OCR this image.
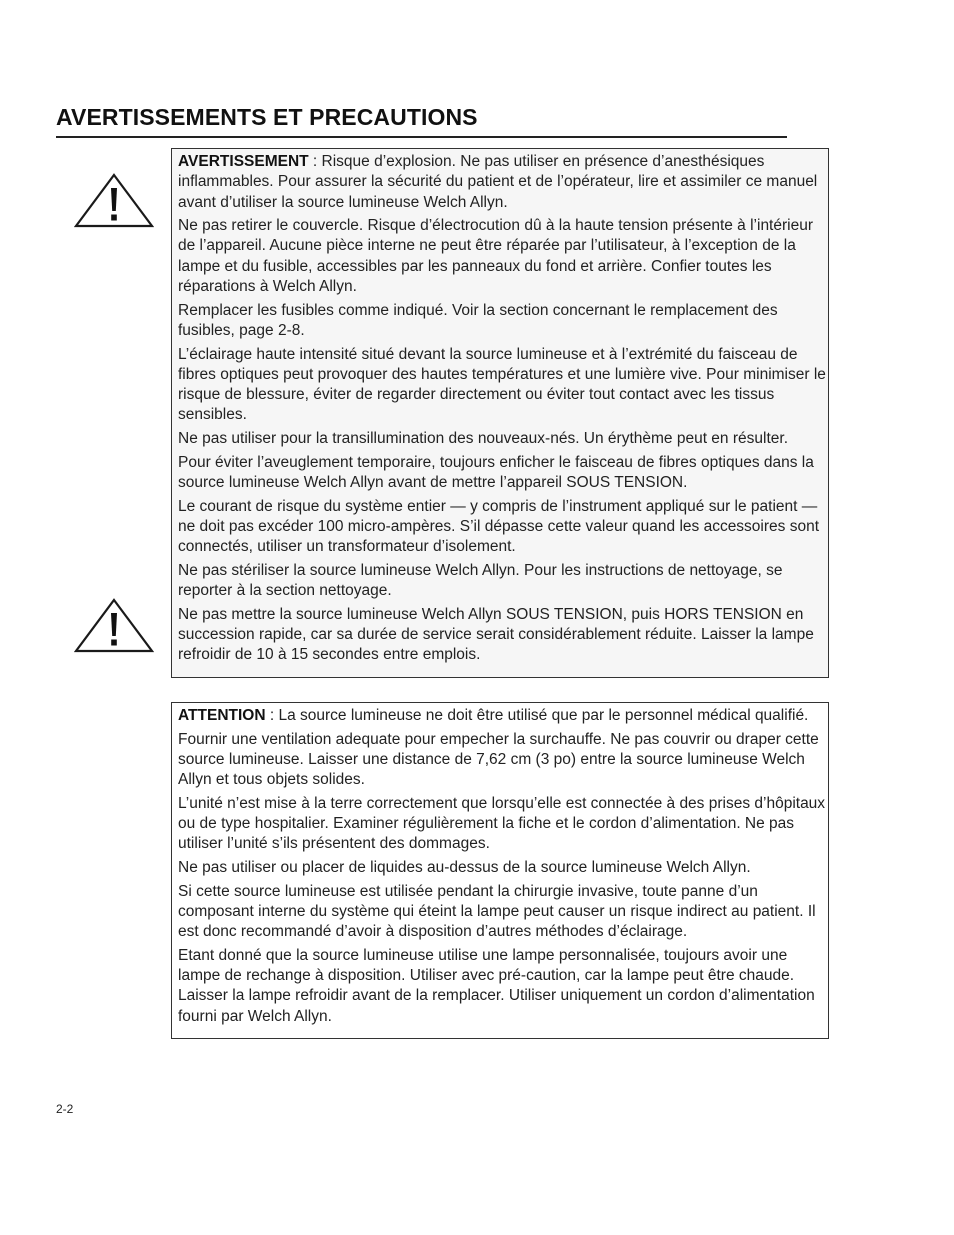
AVERTISSEMENTS ET PRECAUTIONS

AVERTISSEMENT : Risque d’explosion. Ne pas utiliser en présence d’anesthésiques inflammables. Pour assurer la sécurité du patient et de l’opérateur, lire et assimiler ce manuel avant d’utiliser la source lumineuse Welch Allyn.

Ne pas retirer le couvercle. Risque d’électrocution dû à la haute tension présente à l’intérieur de l’appareil. Aucune pièce interne ne peut être réparée par l’utilisateur, à l’exception de la lampe et du fusible, accessibles par les panneaux du fond et arrière. Confier toutes les réparations à Welch Allyn.

Remplacer les fusibles comme indiqué. Voir la section concernant le remplacement des fusibles, page 2-8.

L’éclairage haute intensité situé devant la source lumineuse et à l’extrémité du faisceau de fibres optiques peut provoquer des hautes températures et une lumière vive. Pour minimiser le risque de blessure, éviter de regarder directement ou éviter tout contact avec les tissus sensibles.

Ne pas utiliser pour la transillumination des nouveaux-nés. Un érythème peut en résulter.

Pour éviter l’aveuglement temporaire, toujours enficher le faisceau de fibres optiques dans la source lumineuse Welch Allyn avant de mettre l’appareil SOUS TENSION.

Le courant de risque du système entier — y compris de l’instrument appliqué sur le patient — ne doit pas excéder 100 micro-ampères. S’il dépasse cette valeur quand les accessoires sont connectés, utiliser un transformateur d’isolement.

Ne pas stériliser la source lumineuse Welch Allyn. Pour les instructions de nettoyage, se reporter à la section nettoyage.

Ne pas mettre la source lumineuse Welch Allyn SOUS TENSION, puis HORS TENSION en succession rapide, car sa durée de service serait considérablement réduite. Laisser la lampe refroidir de 10 à 15 secondes entre emplois.

ATTENTION : La source lumineuse ne doit être utilisé que par le personnel médical qualifié.

Fournir une ventilation adequate pour empecher la surchauffe. Ne pas couvrir ou draper cette source lumineuse. Laisser une distance de 7,62 cm (3 po) entre la source lumineuse Welch Allyn et tous objets solides.

L’unité n’est mise à la terre correctement que lorsqu’elle est connectée à des prises d’hôpitaux ou de type hospitalier. Examiner régulièrement la fiche et le cordon d’alimentation. Ne pas utiliser l’unité s’ils présentent des dommages.

Ne pas utiliser ou placer de liquides au-dessus de la source lumineuse Welch Allyn.

Si cette source lumineuse est utilisée pendant la chirurgie invasive, toute panne d’un composant interne du système qui éteint la lampe peut causer un risque indirect au patient. Il est donc recommandé d’avoir à disposition d’autres méthodes d’éclairage.

Etant donné que la source lumineuse utilise une lampe personnalisée, toujours avoir une lampe de rechange à disposition. Utiliser avec pré-caution, car la lampe peut être chaude. Laisser la lampe refroidir avant de la remplacer. Utiliser uniquement un cordon d’alimentation fourni par Welch Allyn.

2-2
